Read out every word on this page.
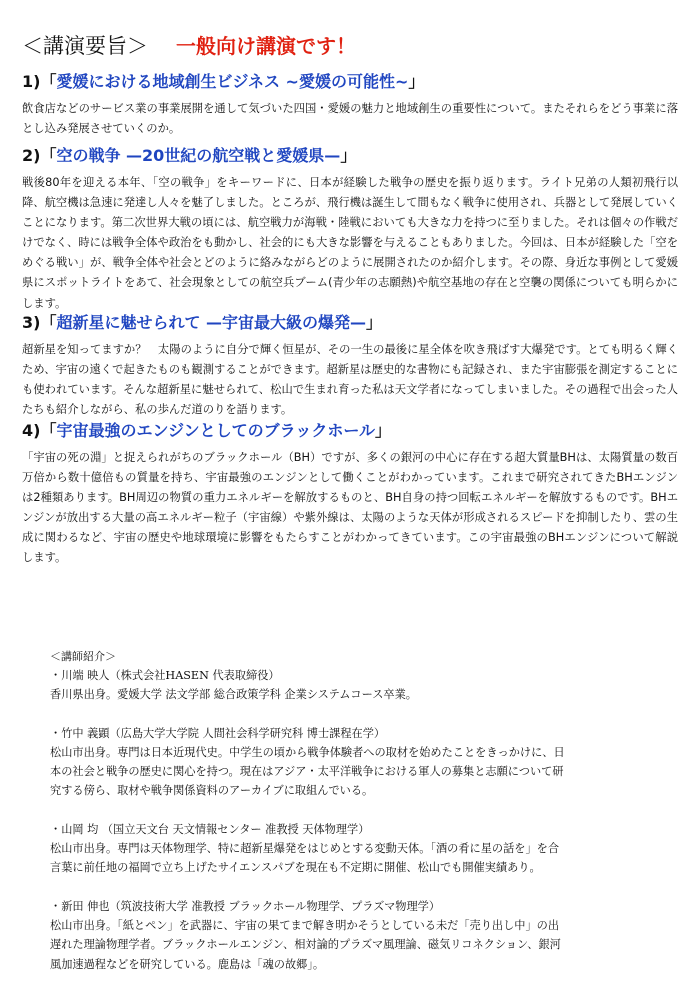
＜講演要旨＞ 一般向け講演です！
1)「愛媛における地域創生ビジネス ~愛媛の可能性~」
飲食店などのサービス業の事業展開を通して気づいた四国・愛媛の魅力と地域創生の重要性について。またそれらをどう事業に落とし込み発展させていくのか。
2)「空の戦争 —20世紀の航空戦と愛媛県—」
戦後80年を迎える本年、「空の戦争」をキーワードに、日本が経験した戦争の歴史を振り返ります。ライト兄弟の人類初飛行以降、航空機は急速に発達し人々を魅了しました。ところが、飛行機は誕生して間もなく戦争に使用され、兵器として発展していくことになります。第二次世界大戦の頃には、航空戦力が海戦・陸戦においても大きな力を持つに至りました。それは個々の作戦だけでなく、時には戦争全体や政治をも動かし、社会的にも大きな影響を与えることもありました。今回は、日本が経験した「空をめぐる戦い」が、戦争全体や社会とどのように絡みながらどのように展開されたのか紹介します。その際、身近な事例として愛媛県にスポットライトをあて、社会現象としての航空兵ブーム(青少年の志願熱)や航空基地の存在と空襲の関係についても明らかにします。
3)「超新星に魅せられて —宇宙最大級の爆発—」
超新星を知ってますか？　太陽のように自分で輝く恒星が、その一生の最後に星全体を吹き飛ばす大爆発です。とても明るく輝くため、宇宙の遠くで起きたものも観測することができます。超新星は歴史的な書物にも記録され、また宇宙膨張を測定することにも使われています。そんな超新星に魅せられて、松山で生まれ育った私は天文学者になってしまいました。その過程で出会った人たちも紹介しながら、私の歩んだ道のりを語ります。
4)「宇宙最強のエンジンとしてのブラックホール」
「宇宙の死の淵」と捉えられがちのブラックホール（BH）ですが、多くの銀河の中心に存在する超大質量BHは、太陽質量の数百万倍から数十億倍もの質量を持ち、宇宙最強のエンジンとして働くことがわかっています。これまで研究されてきたBHエンジンは2種類あります。BH周辺の物質の重力エネルギーを解放するものと、BH自身の持つ回転エネルギーを解放するものです。BHエンジンが放出する大量の高エネルギー粒子（宇宙線）や紫外線は、太陽のような天体が形成されるスピードを抑制したり、雲の生成に関わるなど、宇宙の歴史や地球環境に影響をもたらすことがわかってきています。この宇宙最強のBHエンジンについて解説します。
＜講師紹介＞
・川端 映人（株式会社HASEN 代表取締役）
香川県出身。愛媛大学 法文学部 総合政策学科 企業システムコース卒業。
・竹中 義顕（広島大学大学院 人間社会科学研究科 博士課程在学）
松山市出身。専門は日本近現代史。中学生の頃から戦争体験者への取材を始めたことをきっかけに、日
本の社会と戦争の歴史に関心を持つ。現在はアジア・太平洋戦争における軍人の募集と志願について研
究する傍ら、取材や戦争関係資料のアーカイブに取組んでいる。
・山岡 均 （国立天文台 天文情報センター 准教授 天体物理学）
松山市出身。専門は天体物理学、特に超新星爆発をはじめとする変動天体。「酒の肴に星の話を」を合
言葉に前任地の福岡で立ち上げたサイエンスパブを現在も不定期に開催、松山でも開催実績あり。
・新田 伸也（筑波技術大学 准教授 ブラックホール物理学、プラズマ物理学）
松山市出身。「紙とペン」を武器に、宇宙の果てまで解き明かそうとしている未だ「売り出し中」の出
遅れた理論物理学者。ブラックホールエンジン、相対論的プラズマ風理論、磁気リコネクション、銀河
風加速過程などを研究している。鹿島は「魂の故郷」。
